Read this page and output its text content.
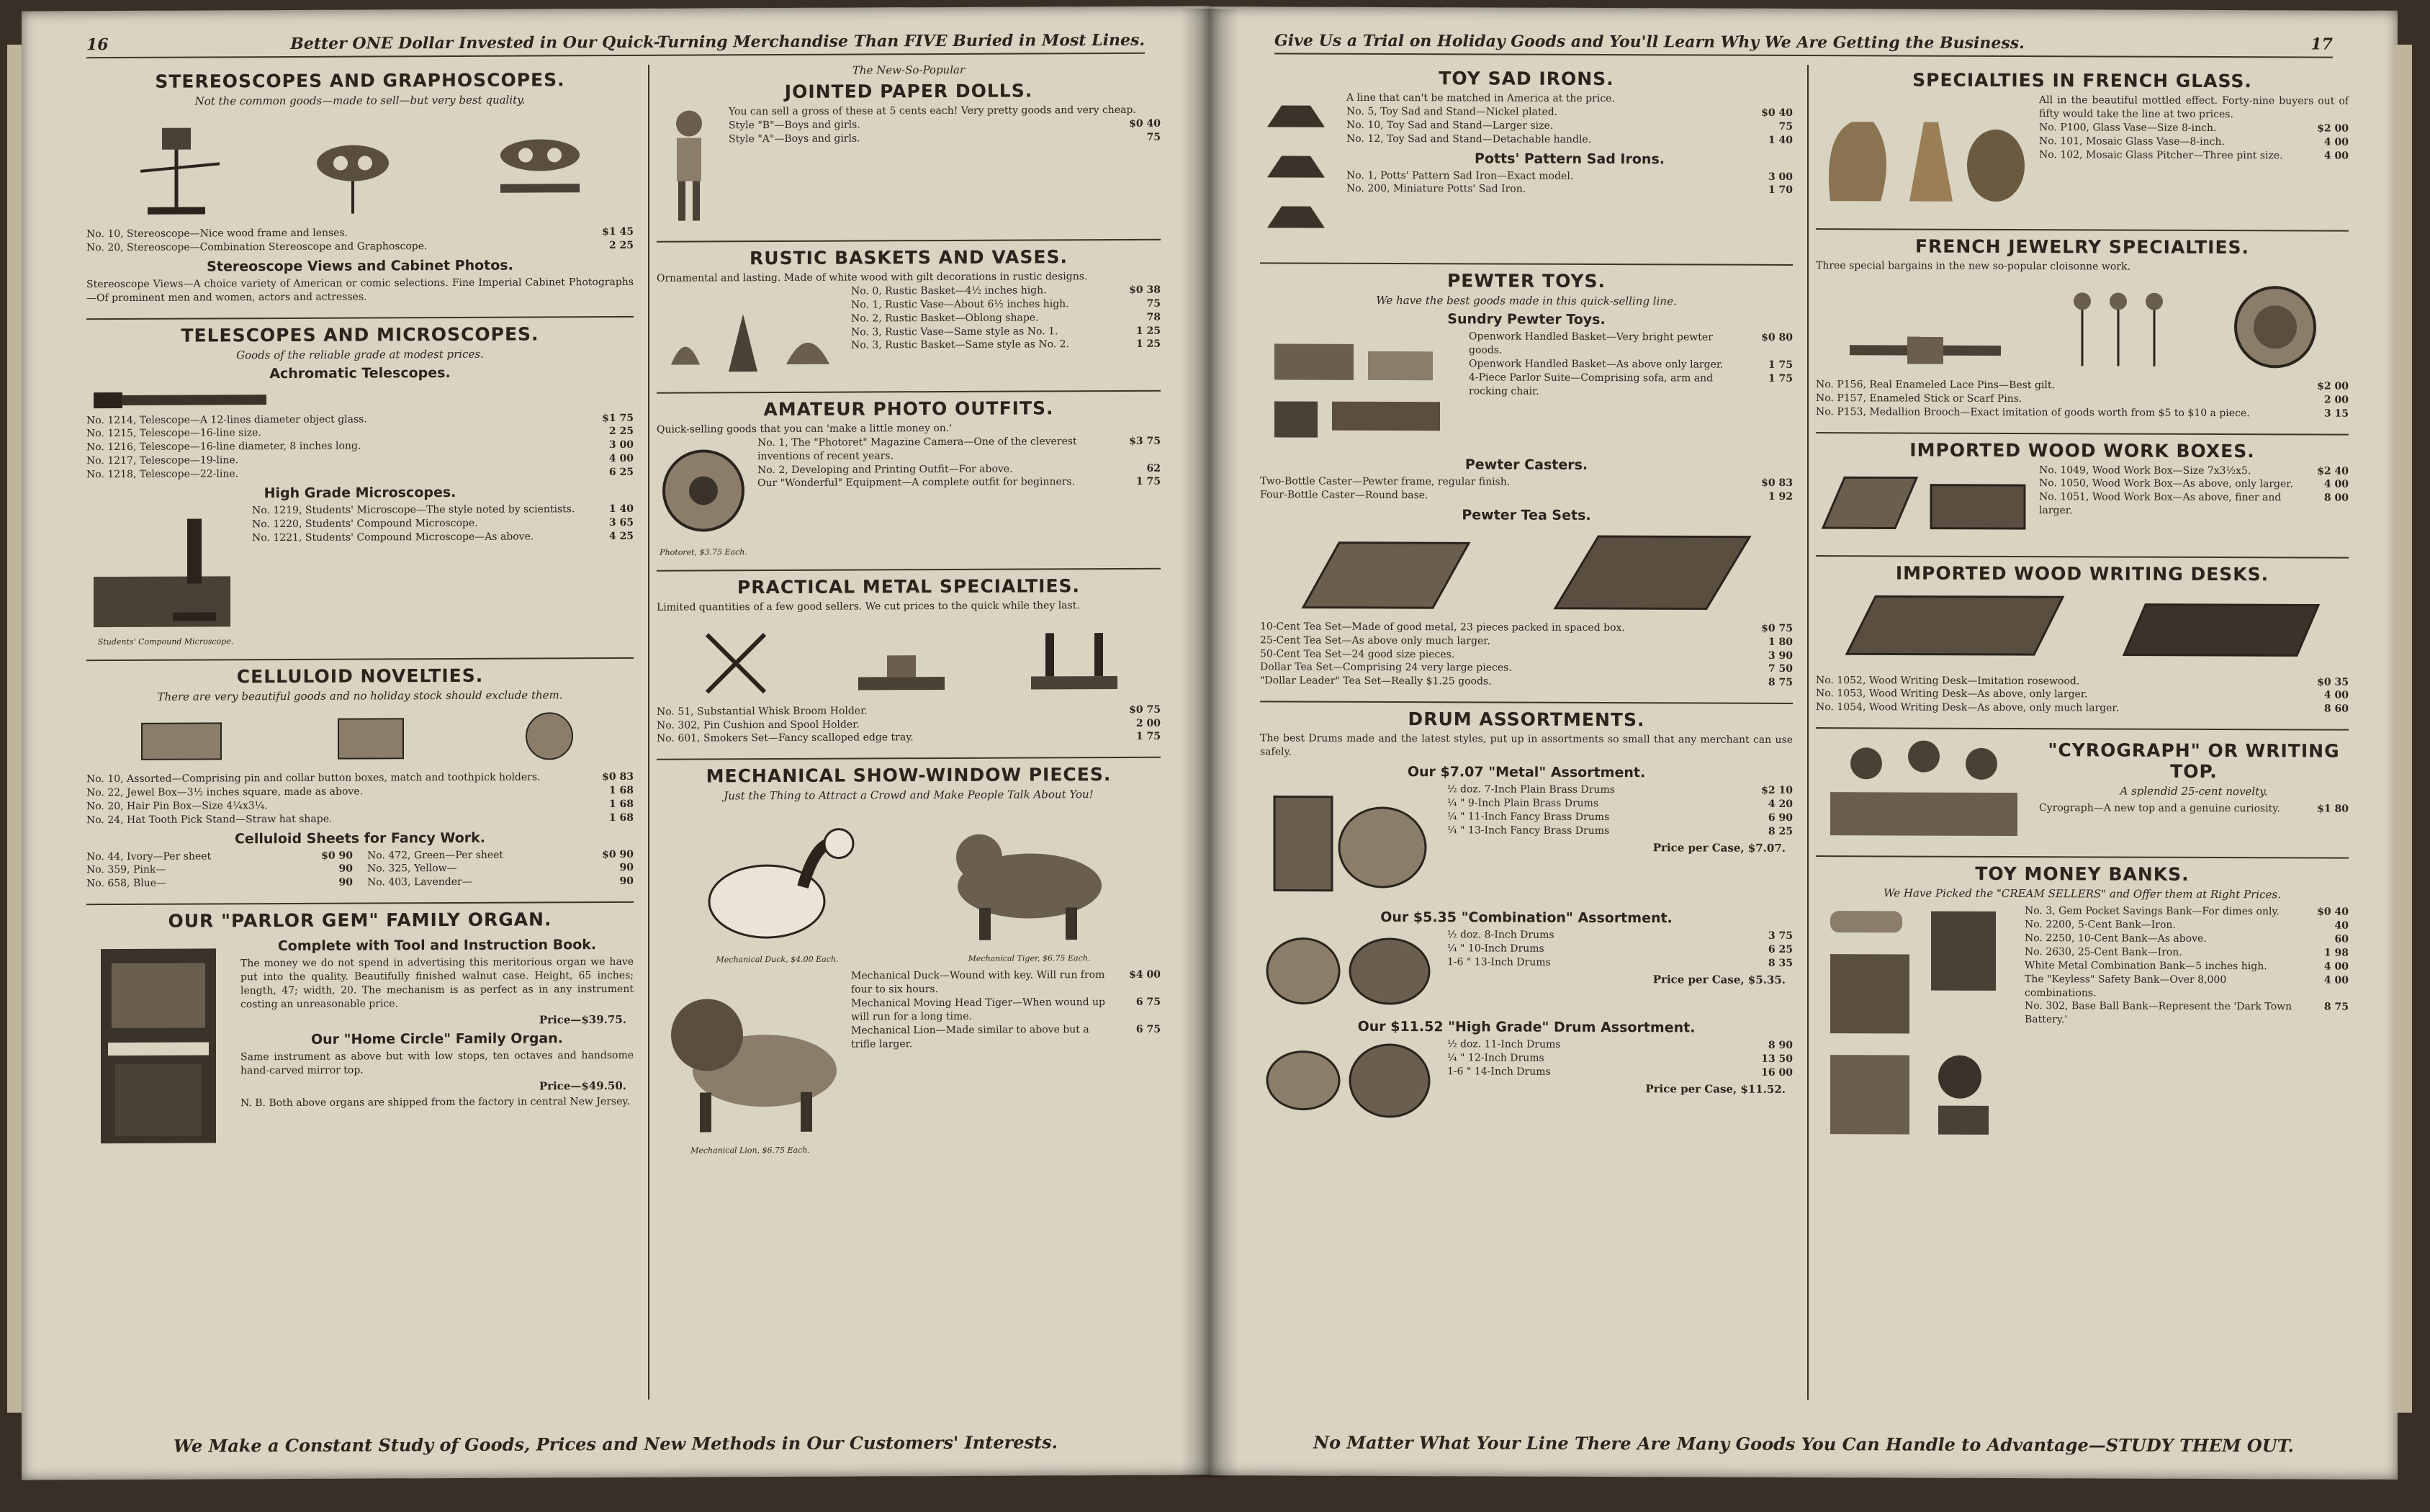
16	Better ONE Dollar Invested in Our Quick-Turning Merchandise Than FIVE Buried in Most Lines.
STEREOSCOPES AND GRAPHOSCOPES.
Not the common goods—made to sell—but very best quality.
No. 10, Stereoscope—Nice wood frame and lenses.	$1 45
No. 20, Stereoscope—Combination Stereoscope and Graphoscope.	2 25
Stereoscope Views and Cabinet Photos.
Stereoscope Views—A choice variety of American or comic selections. Fine Imperial Cabinet Photographs—Of prominent men and women, actors and actresses.
TELESCOPES AND MICROSCOPES.
Goods of the reliable grade at modest prices.
Achromatic Telescopes.
No. 1214, Telescope—A 12-lines diameter object glass.	$1 75
No. 1215, Telescope—16-line size.	2 25
No. 1216, Telescope—16-line diameter, 8 inches long.	3 00
No. 1217, Telescope—19-line.	4 00
No. 1218, Telescope—22-line.	6 25
High Grade Microscopes.
Students' Compound Microscope.
No. 1219, Students' Microscope—The style noted by scientists.	1 40
No. 1220, Students' Compound Microscope.	3 65
No. 1221, Students' Compound Microscope—As above.	4 25
CELLULOID NOVELTIES.
There are very beautiful goods and no holiday stock should exclude them.
No. 10, Assorted—Comprising pin and collar button boxes, match and toothpick holders.	$0 83
No. 22, Jewel Box—3½ inches square, made as above.	1 68
No. 20, Hair Pin Box—Size 4¼x3¼.	1 68
No. 24, Hat Tooth Pick Stand—Straw hat shape.	1 68
Celluloid Sheets for Fancy Work.
No. 44, Ivory—Per sheet	$0 90 No. 472, Green—Per sheet	$0 90
No. 359, Pink—	90 No. 325, Yellow—	90
No. 658, Blue—	90 No. 403, Lavender—	90
OUR "PARLOR GEM" FAMILY ORGAN.
Complete with Tool and Instruction Book.
The money we do not spend in advertising this meritorious organ we have put into the quality. Beautifully finished walnut case. Height, 65 inches; length, 47; width, 20. The mechanism is as perfect as in any instrument costing an unreasonable price.
Price—$39.75.
Our "Home Circle" Family Organ.
Same instrument as above but with low stops, ten octaves and handsome hand-carved mirror top.
Price—$49.50.
N. B. Both above organs are shipped from the factory in central New Jersey.
The New-So-Popular
JOINTED PAPER DOLLS.
You can sell a gross of these at 5 cents each! Very pretty goods and very cheap.
Style "B"—Boys and girls.	$0 40
Style "A"—Boys and girls.	75
RUSTIC BASKETS AND VASES.
Ornamental and lasting. Made of white wood with gilt decorations in rustic designs.
No. 0, Rustic Basket—4½ inches high.	$0 38
No. 1, Rustic Vase—About 6½ inches high.	75
No. 2, Rustic Basket—Oblong shape.	78
No. 3, Rustic Vase—Same style as No. 1.	1 25
No. 3, Rustic Basket—Same style as No. 2.	1 25
AMATEUR PHOTO OUTFITS.
Quick-selling goods that you can 'make a little money on.'
Photoret, $3.75 Each.
No. 1, The "Photoret" Magazine Camera—One of the cleverest inventions of recent years.
$3 75
No. 2, Developing and Printing Outfit—For above.	62
Our "Wonderful" Equipment—A complete outfit for beginners.	1 75
PRACTICAL METAL SPECIALTIES.
Limited quantities of a few good sellers. We cut prices to the quick while they last.
No. 51, Substantial Whisk Broom Holder.	$0 75
No. 302, Pin Cushion and Spool Holder.	2 00
No. 601, Smokers Set—Fancy scalloped edge tray.	1 75
MECHANICAL SHOW-WINDOW PIECES.
Just the Thing to Attract a Crowd and Make People Talk About You!
Mechanical Duck, $4.00 Each.	Mechanical Tiger, $6.75 Each.
Mechanical Lion, $6.75 Each.
Mechanical Duck—Wound with key. Will run from four to six hours.
$4 00
Mechanical Moving Head Tiger—When wound up will run for a long time.
6 75
Mechanical Lion—Made similar to above but a trifle larger.
6 75
We Make a Constant Study of Goods, Prices and New Methods in Our Customers' Interests.
Give Us a Trial on Holiday Goods and You'll Learn Why We Are Getting the Business.	17
TOY SAD IRONS.
A line that can't be matched in America at the price.
No. 5, Toy Sad and Stand—Nickel plated.	$0 40
No. 10, Toy Sad and Stand—Larger size.	75
No. 12, Toy Sad and Stand—Detachable handle.	1 40
Potts' Pattern Sad Irons.
No. 1, Potts' Pattern Sad Iron—Exact model.	3 00
No. 200, Miniature Potts' Sad Iron.	1 70
PEWTER TOYS.
We have the best goods made in this quick-selling line.
Sundry Pewter Toys.
Openwork Handled Basket—Very bright pewter goods.
$0 80
Openwork Handled Basket—As above only larger.	1 75
4-Piece Parlor Suite—Comprising sofa, arm and rocking chair.
1 75
Pewter Casters.
Two-Bottle Caster—Pewter frame, regular finish.	$0 83
Four-Bottle Caster—Round base.	1 92
Pewter Tea Sets.
10-Cent Tea Set—Made of good metal, 23 pieces packed in spaced box.	$0 75
25-Cent Tea Set—As above only much larger.	1 80
50-Cent Tea Set—24 good size pieces.	3 90
Dollar Tea Set—Comprising 24 very large pieces.	7 50
"Dollar Leader" Tea Set—Really $1.25 goods.	8 75
DRUM ASSORTMENTS.
The best Drums made and the latest styles, put up in assortments so small that any merchant can use safely.
Our $7.07 "Metal" Assortment.
½ doz. 7-Inch Plain Brass Drums	$2 10
¼ " 9-Inch Plain Brass Drums	4 20
¼ " 11-Inch Fancy Brass Drums	6 90
¼ " 13-Inch Fancy Brass Drums	8 25
Price per Case, $7.07.
Our $5.35 "Combination" Assortment.
½ doz. 8-Inch Drums	3 75
¼ " 10-Inch Drums	6 25
1-6 " 13-Inch Drums	8 35
Price per Case, $5.35.
Our $11.52 "High Grade" Drum Assortment.
½ doz. 11-Inch Drums	8 90
¼ " 12-Inch Drums	13 50
1-6 " 14-Inch Drums	16 00
Price per Case, $11.52.
SPECIALTIES IN FRENCH GLASS.
All in the beautiful mottled effect. Forty-nine buyers out of fifty would take the line at two prices.
No. P100, Glass Vase—Size 8-inch.	$2 00
No. 101, Mosaic Glass Vase—8-inch.	4 00
No. 102, Mosaic Glass Pitcher—Three pint size.	4 00
FRENCH JEWELRY SPECIALTIES.
Three special bargains in the new so-popular cloisonne work.
No. P156, Real Enameled Lace Pins—Best gilt.	$2 00
No. P157, Enameled Stick or Scarf Pins.	2 00
No. P153, Medallion Brooch—Exact imitation of goods worth from $5 to $10 a piece.	3 15
IMPORTED WOOD WORK BOXES.
No. 1049, Wood Work Box—Size 7x3½x5.	$2 40
No. 1050, Wood Work Box—As above, only larger.	4 00
No. 1051, Wood Work Box—As above, finer and larger.
8 00
IMPORTED WOOD WRITING DESKS.
No. 1052, Wood Writing Desk—Imitation rosewood.	$0 35
No. 1053, Wood Writing Desk—As above, only larger.	4 00
No. 1054, Wood Writing Desk—As above, only much larger.	8 60
"CYROGRAPH" OR WRITING TOP.
A splendid 25-cent novelty.
Cyrograph—A new top and a genuine curiosity.	$1 80
TOY MONEY BANKS.
We Have Picked the "CREAM SELLERS" and Offer them at Right Prices.
No. 3, Gem Pocket Savings Bank—For dimes only.	$0 40
No. 2200, 5-Cent Bank—Iron.	40
No. 2250, 10-Cent Bank—As above.	60
No. 2630, 25-Cent Bank—Iron.	1 98
White Metal Combination Bank—5 inches high.	4 00
The "Keyless" Safety Bank—Over 8,000 combinations.
4 00
No. 302, Base Ball Bank—Represent the 'Dark Town Battery.'
8 75
No Matter What Your Line There Are Many Goods You Can Handle to Advantage—STUDY THEM OUT.
